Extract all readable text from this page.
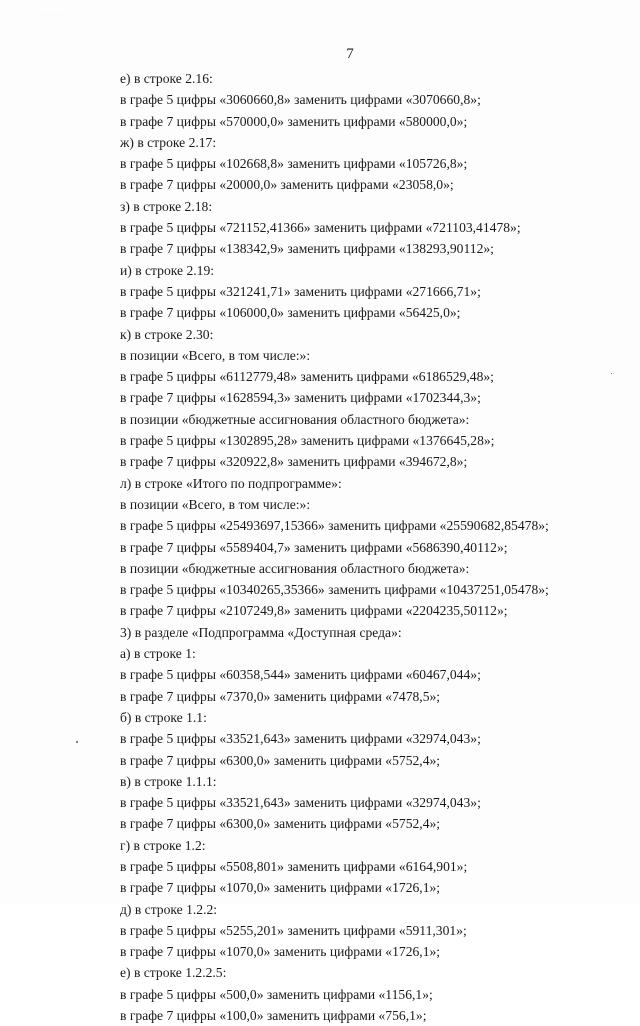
· · ·· · · ·
7
е) в строке 2.16:
в графе 5 цифры «3060660,8» заменить цифрами «3070660,8»;
в графе 7 цифры «570000,0» заменить цифрами «580000,0»;
ж) в строке 2.17:
в графе 5 цифры «102668,8» заменить цифрами «105726,8»;
в графе 7 цифры «20000,0» заменить цифрами «23058,0»;
з) в строке 2.18:
в графе 5 цифры «721152,41366» заменить цифрами «721103,41478»;
в графе 7 цифры «138342,9» заменить цифрами «138293,90112»;
и) в строке 2.19:
в графе 5 цифры «321241,71» заменить цифрами «271666,71»;
в графе 7 цифры «106000,0» заменить цифрами «56425,0»;
к) в строке 2.30:
в позиции «Всего, в том числе:»:
в графе 5 цифры «6112779,48» заменить цифрами «6186529,48»;
в графе 7 цифры «1628594,3» заменить цифрами «1702344,3»;
в позиции «бюджетные ассигнования областного бюджета»:
в графе 5 цифры «1302895,28» заменить цифрами «1376645,28»;
в графе 7 цифры «320922,8» заменить цифрами «394672,8»;
л) в строке «Итого по подпрограмме»:
в позиции «Всего, в том числе:»:
в графе 5 цифры «25493697,15366» заменить цифрами «25590682,85478»;
в графе 7 цифры «5589404,7» заменить цифрами «5686390,40112»;
в позиции «бюджетные ассигнования областного бюджета»:
в графе 5 цифры «10340265,35366» заменить цифрами «10437251,05478»;
в графе 7 цифры «2107249,8» заменить цифрами «2204235,50112»;
3) в разделе «Подпрограмма «Доступная среда»:
а) в строке 1:
в графе 5 цифры «60358,544» заменить цифрами «60467,044»;
в графе 7 цифры «7370,0» заменить цифрами «7478,5»;
б) в строке 1.1:
в графе 5 цифры «33521,643» заменить цифрами «32974,043»;
в графе 7 цифры «6300,0» заменить цифрами «5752,4»;
в) в строке 1.1.1:
в графе 5 цифры «33521,643» заменить цифрами «32974,043»;
в графе 7 цифры «6300,0» заменить цифрами «5752,4»;
г) в строке 1.2:
в графе 5 цифры «5508,801» заменить цифрами «6164,901»;
в графе 7 цифры «1070,0» заменить цифрами «1726,1»;
д) в строке 1.2.2:
в графе 5 цифры «5255,201» заменить цифрами «5911,301»;
в графе 7 цифры «1070,0» заменить цифрами «1726,1»;
е) в строке 1.2.2.5:
в графе 5 цифры «500,0» заменить цифрами «1156,1»;
в графе 7 цифры «100,0» заменить цифрами «756,1»;
